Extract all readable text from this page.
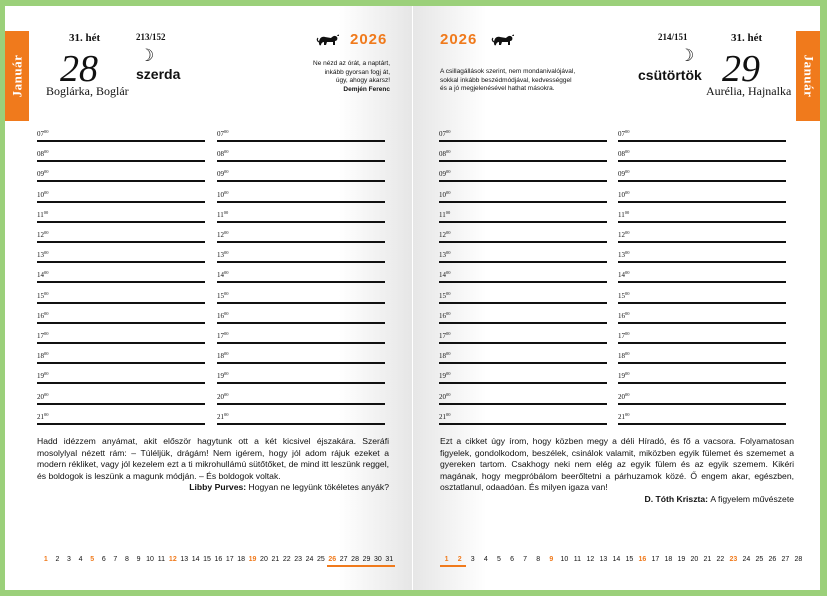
Január
31. hét
28
Boglárka, Boglár
213/152
☽
szerda
2026
Ne nézd az órát, a naptárt,
inkább gyorsan fogj át,
úgy, ahogy akarsz!
Demjén Ferenc
$07^{00}$
$08^{00}$
$09^{00}$
$10^{00}$
$11^{00}$
$12^{00}$
$13^{00}$
$14^{00}$
$15^{00}$
$16^{00}$
$17^{00}$
$18^{00}$
$19^{00}$
$20^{00}$
$21^{00}$
$07^{00}$
$08^{00}$
$09^{00}$
$10^{00}$
$11^{00}$
$12^{00}$
$13^{00}$
$14^{00}$
$15^{00}$
$16^{00}$
$17^{00}$
$18^{00}$
$19^{00}$
$20^{00}$
$21^{00}$
Hadd idézzem anyámat, akit először hagytunk ott a két kicsivel éjszakára. Szeráfi mosolylyal nézett rám: – Túléljük, drágám! Nem igérem, hogy jól adom rájuk ezeket a modern rékliket, vagy jól kezelem ezt a ti mikrohullámú sütőtőket, de mind itt leszünk reggel, és boldogok is leszünk a magunk módján. – És boldogok voltak.
Libby Purves: Hogyan ne legyünk tökéletes anyák?
1	2	3	4	5	6	7	8	9 10 11 12 13 14 15 16 17 18 19 20 21 22 23 24 25 26 27 28 29 30 31
Január
2026
A csillagállások szerint, nem mondanivalójával,
sokkal inkább beszédmódjával, kedvességgel
és a jó megjelenésével hathat másokra.
214/151
☽
csütörtök
31. hét
29
Aurélia, Hajnalka
$07^{00}$
$08^{00}$
$09^{00}$
$10^{00}$
$11^{00}$
$12^{00}$
$13^{00}$
$14^{00}$
$15^{00}$
$16^{00}$
$17^{00}$
$18^{00}$
$19^{00}$
$20^{00}$
$21^{00}$
$07^{00}$
$08^{00}$
$09^{00}$
$10^{00}$
$11^{00}$
$12^{00}$
$13^{00}$
$14^{00}$
$15^{00}$
$16^{00}$
$17^{00}$
$18^{00}$
$19^{00}$
$20^{00}$
$21^{00}$
Ezt a cikket úgy írom, hogy közben megy a déli Híradó, és fő a vacsora. Folyamatosan figyelek, gondolkodom, beszélek, csinálok valamit, miközben egyik fülemet és szememet a gyereken tartom. Csakhogy neki nem elég az egyik fülem és az egyik szemem. Kikéri magának, hogy megpróbálom beerőltetni a párhuzamok közé. Ő engem akar, egészben, osztatlanul, odaadóan. És milyen igaza van!
D. Tóth Kriszta: A figyelem művészete
1	2	3	4	5	6	7	8	9	10 11 12 13 14 15 16 17 18 19 20 21 22 23 24 25 26 27 28
